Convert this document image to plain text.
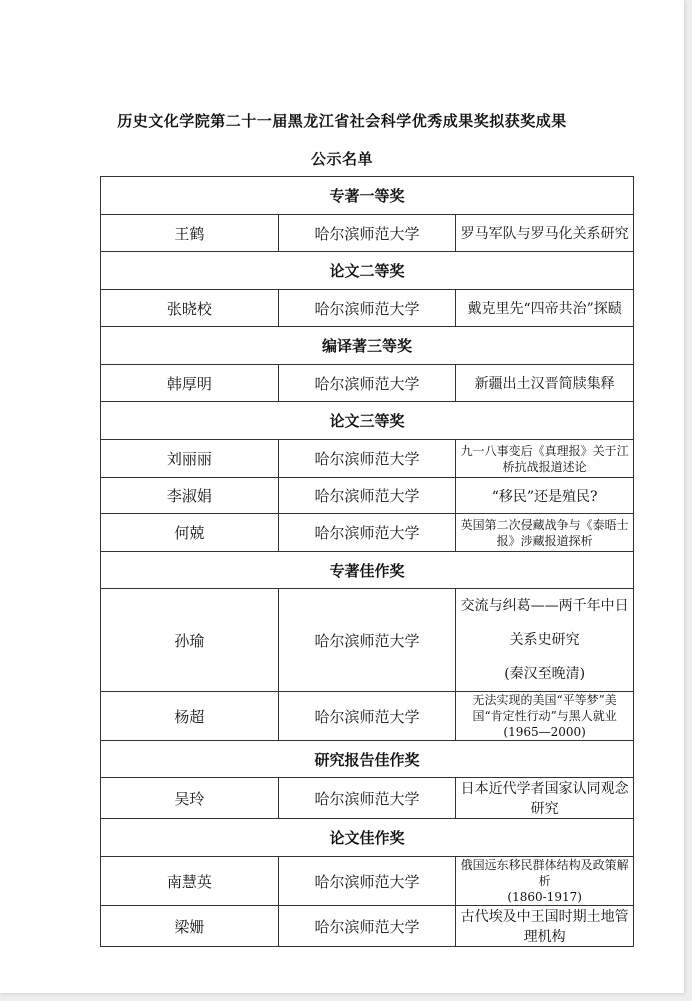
历史文化学院第二十一届黑龙江省社会科学优秀成果奖拟获奖成果
公示名单
专著一等奖		
王鹤	哈尔滨师范大学	罗马军队与罗马化关系研究
论文二等奖		
张晓校	哈尔滨师范大学	戴克里先“四帝共治”探赜
编译著三等奖		
韩厚明	哈尔滨师范大学	新疆出土汉晋简牍集释
论文三等奖		
刘丽丽	哈尔滨师范大学	九一八事变后《真理报》关于江桥抗战报道述论
李淑娟	哈尔滨师范大学	“移民”还是殖民?
何兢	哈尔滨师范大学	英国第二次侵藏战争与《泰晤士报》涉藏报道探析
专著佳作奖		
孙瑜	哈尔滨师范大学	交流与纠葛——两千年中日关系史研究
(秦汉至晚清)

杨超	哈尔滨师范大学	无法实现的美国“平等梦”美国“肯定性行动”与黑人就业(1965—2000)
研究报告佳作奖		
吴玲	哈尔滨师范大学	日本近代学者国家认同观念研究
论文佳作奖		
南慧英	哈尔滨师范大学	俄国远东移民群体结构及政策解析
(1860-1917)

梁姗	哈尔滨师范大学	古代埃及中王国时期土地管理机构
